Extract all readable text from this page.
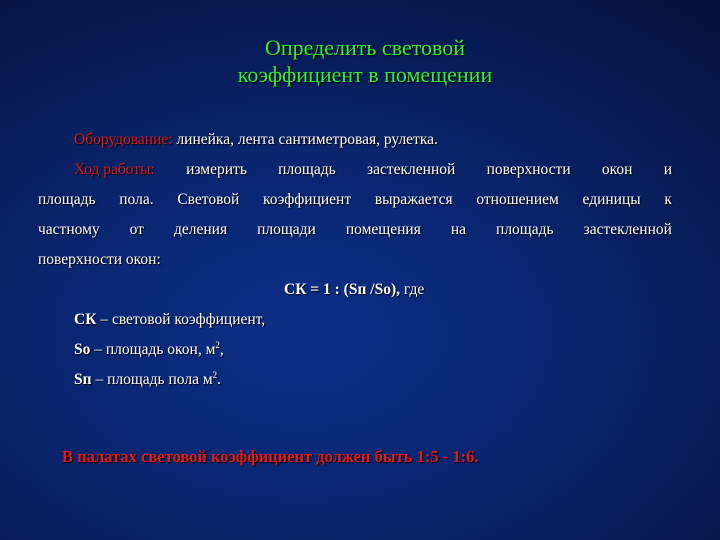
Определить световой
коэффициент в помещении
Оборудование: линейка, лента сантиметровая, рулетка.
Ход работы: измерить площадь застекленной поверхности окон и
площадь пола. Световой коэффициент выражается отношением единицы к
частному от деления площади помещения на площадь застекленной
поверхности окон:
СК = 1 : (Sп /Sо), где
СК – световой коэффициент,
Sо – площадь окон, $м^2$,
Sп – площадь пола $м^2$.
В палатах световой коэффициент должен быть 1:5 - 1:6.
